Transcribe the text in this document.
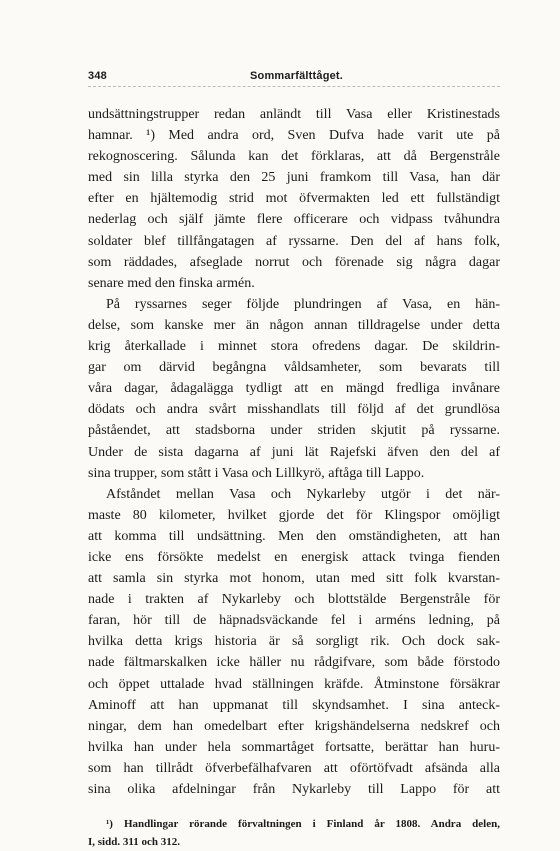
348	Sommarfälttåget.
undsättningstrupper redan anländt till Vasa eller Kristinestads
hamnar. ¹) Med andra ord, Sven Dufva hade varit ute på
rekognoscering. Sålunda kan det förklaras, att då Bergenstråle
med sin lilla styrka den 25 juni framkom till Vasa, han där
efter en hjältemodig strid mot öfvermakten led ett fullständigt
nederlag och själf jämte flere officerare och vidpass tvåhundra
soldater blef tillfångatagen af ryssarne. Den del af hans folk,
som räddades, afseglade norrut och förenade sig några dagar
senare med den finska armén.
På ryssarnes seger följde plundringen af Vasa, en hän-
delse, som kanske mer än någon annan tilldragelse under detta
krig återkallade i minnet stora ofredens dagar. De skildrin-
gar om därvid begångna våldsamheter, som bevarats till
våra dagar, ådagalägga tydligt att en mängd fredliga invånare
dödats och andra svårt misshandlats till följd af det grundlösa
påståendet, att stadsborna under striden skjutit på ryssarne.
Under de sista dagarna af juni lät Rajefski äfven den del af
sina trupper, som stått i Vasa och Lillkyrö, aftåga till Lappo.
Afståndet mellan Vasa och Nykarleby utgör i det när-
maste 80 kilometer, hvilket gjorde det för Klingspor omöjligt
att komma till undsättning. Men den omständigheten, att han
icke ens försökte medelst en energisk attack tvinga fienden
att samla sin styrka mot honom, utan med sitt folk kvarstan-
nade i trakten af Nykarleby och blottstälde Bergenstråle för
faran, hör till de häpnadsväckande fel i arméns ledning, på
hvilka detta krigs historia är så sorgligt rik. Och dock sak-
nade fältmarskalken icke häller nu rådgifvare, som både förstodo
och öppet uttalade hvad ställningen kräfde. Åtminstone försäkrar
Aminoff att han uppmanat till skyndsamhet. I sina anteck-
ningar, dem han omedelbart efter krigshändelserna nedskref och
hvilka han under hela sommartåget fortsatte, berättar han huru-
som han tillrådt öfverbefälhafvaren att oförtöfvadt afsända alla
sina olika afdelningar från Nykarleby till Lappo för att
¹) Handlingar rörande förvaltningen i Finland år 1808. Andra delen,
I, sidd. 311 och 312.
